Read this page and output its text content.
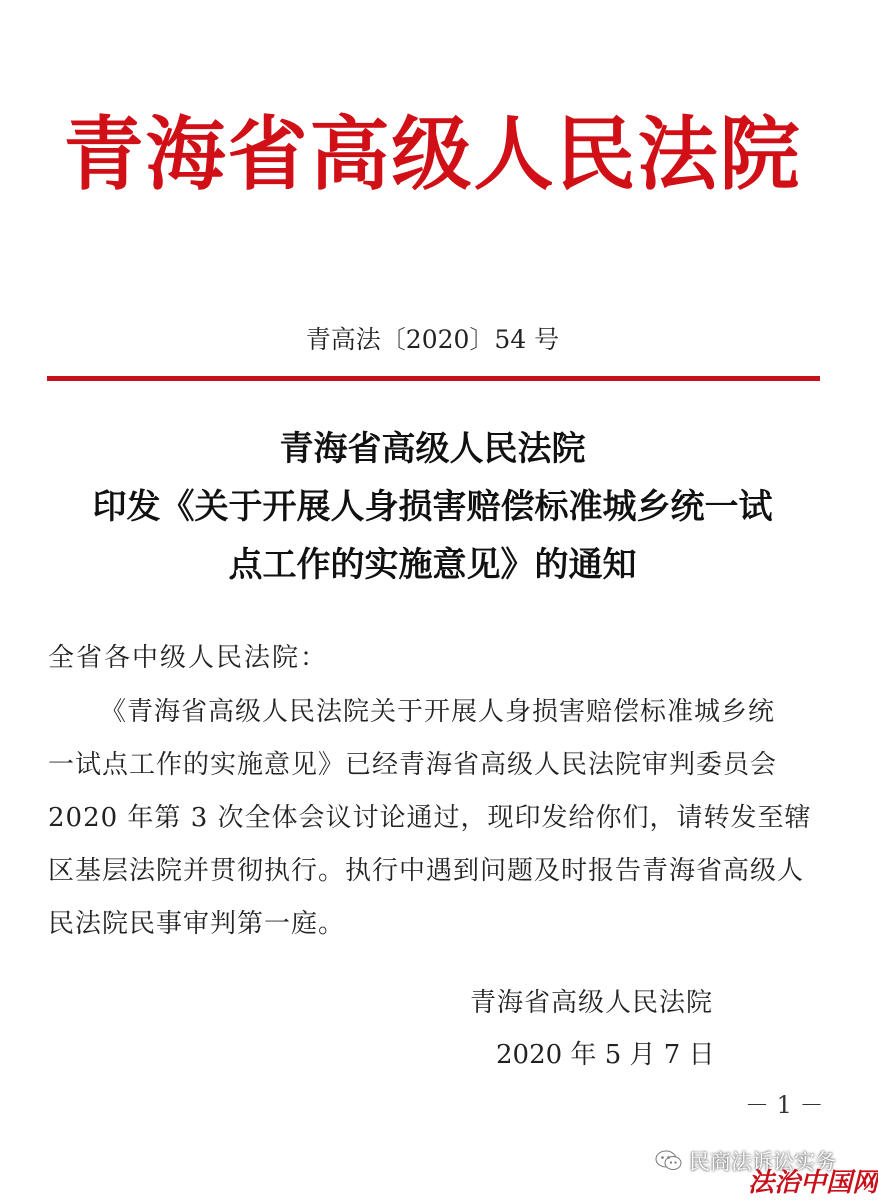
青海省高级人民法院
青高法〔2020〕54 号
青海省高级人民法院
印发《关于开展人身损害赔偿标准城乡统一试
点工作的实施意见》的通知
全省各中级人民法院：
《青海省高级人民法院关于开展人身损害赔偿标准城乡统
一试点工作的实施意见》已经青海省高级人民法院审判委员会
2020 年第 3 次全体会议讨论通过，现印发给你们，请转发至辖
区基层法院并贯彻执行。执行中遇到问题及时报告青海省高级人
民法院民事审判第一庭。
青海省高级人民法院
2020 年 5 月 7 日
－ 1 －
民商法诉讼实务
法治中国网
